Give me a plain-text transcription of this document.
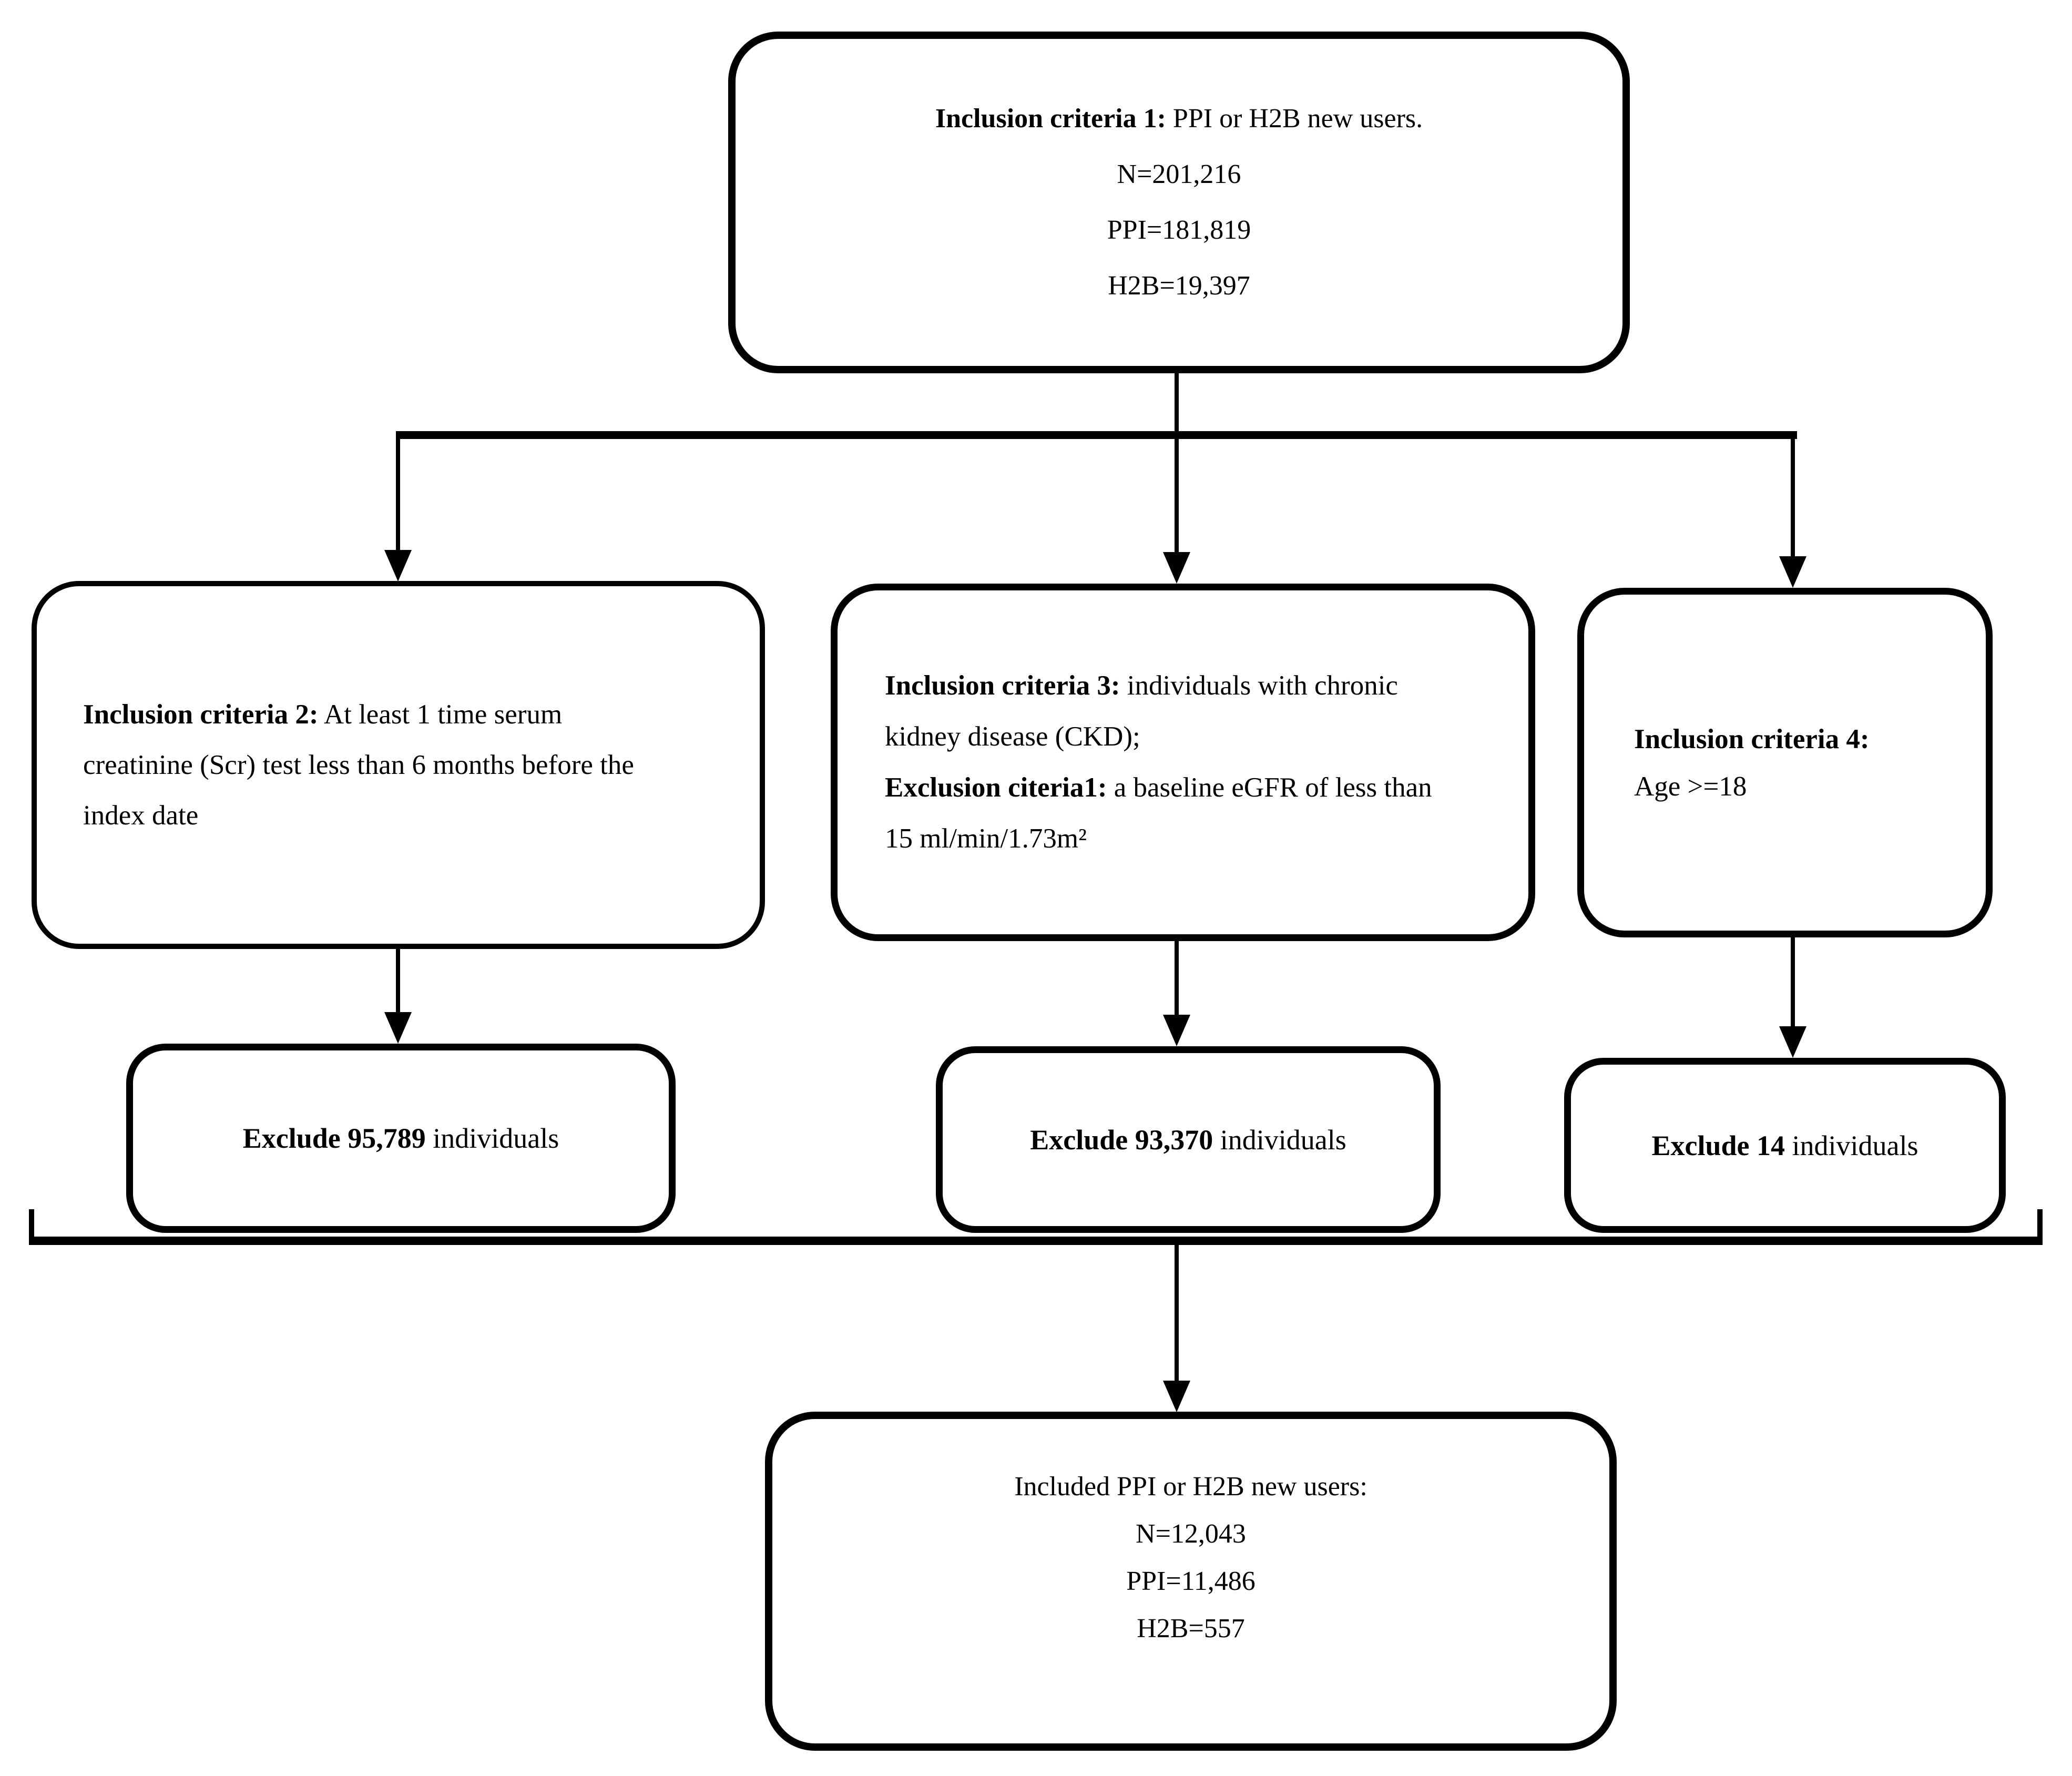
Inclusion criteria 1: PPI or H2B new users.
N=201,216
PPI=181,819
H2B=19,397
Inclusion criteria 2: At least 1 time serum creatinine (Scr) test less than 6 months before the index date
Inclusion criteria 3: individuals with chronic kidney disease (CKD);
Exclusion citeria1: a baseline eGFR of less than 15 ml/min/1.73m²
Inclusion criteria 4:
Age >=18
Exclude 95,789 individuals	Exclude 93,370 individuals	Exclude 14 individuals
Included PPI or H2B new users:
N=12,043
PPI=11,486
H2B=557
